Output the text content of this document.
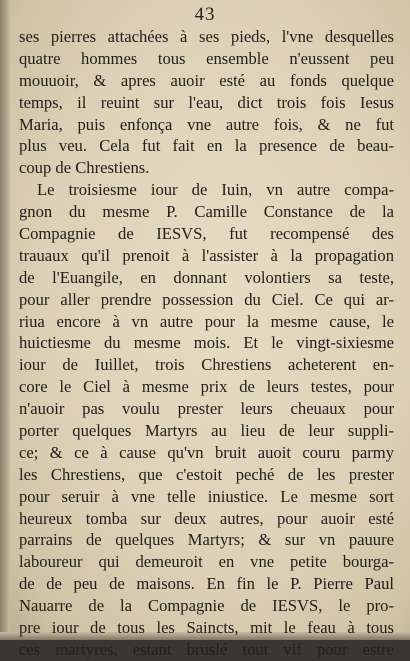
43
ses pierres attachées à ses pieds, l'vne desquelles
quatre hommes tous ensemble n'eussent peu
mouuoir, & apres auoir esté au fonds quelque
temps, il reuint sur l'eau, dict trois fois Iesus
Maria, puis enfonça vne autre fois, & ne fut
plus veu. Cela fut fait en la presence de beau-
coup de Chrestiens.
Le troisiesme iour de Iuin, vn autre compa-
gnon du mesme P. Camille Constance de la
Compagnie de IESVS, fut recompensé des
trauaux qu'il prenoit à l'assister à la propagation
de l'Euangile, en donnant volontiers sa teste,
pour aller prendre possession du Ciel. Ce qui ar-
riua encore à vn autre pour la mesme cause, le
huictiesme du mesme mois. Et le vingt-sixiesme
iour de Iuillet, trois Chrestiens acheterent en-
core le Ciel à mesme prix de leurs testes, pour
n'auoir pas voulu prester leurs cheuaux pour
porter quelques Martyrs au lieu de leur suppli-
ce; & ce à cause qu'vn bruit auoit couru parmy
les Chrestiens, que c'estoit peché de les prester
pour seruir à vne telle iniustice. Le mesme sort
heureux tomba sur deux autres, pour auoir esté
parrains de quelques Martyrs; & sur vn pauure
laboureur qui demeuroit en vne petite bourga-
de de peu de maisons. En fin le P. Pierre Paul
Nauarre de la Compagnie de IESVS, le pro-
pre iour de tous les Saincts, mit le feau à tous
ces martyres, estant bruslé tout vif pour estre
